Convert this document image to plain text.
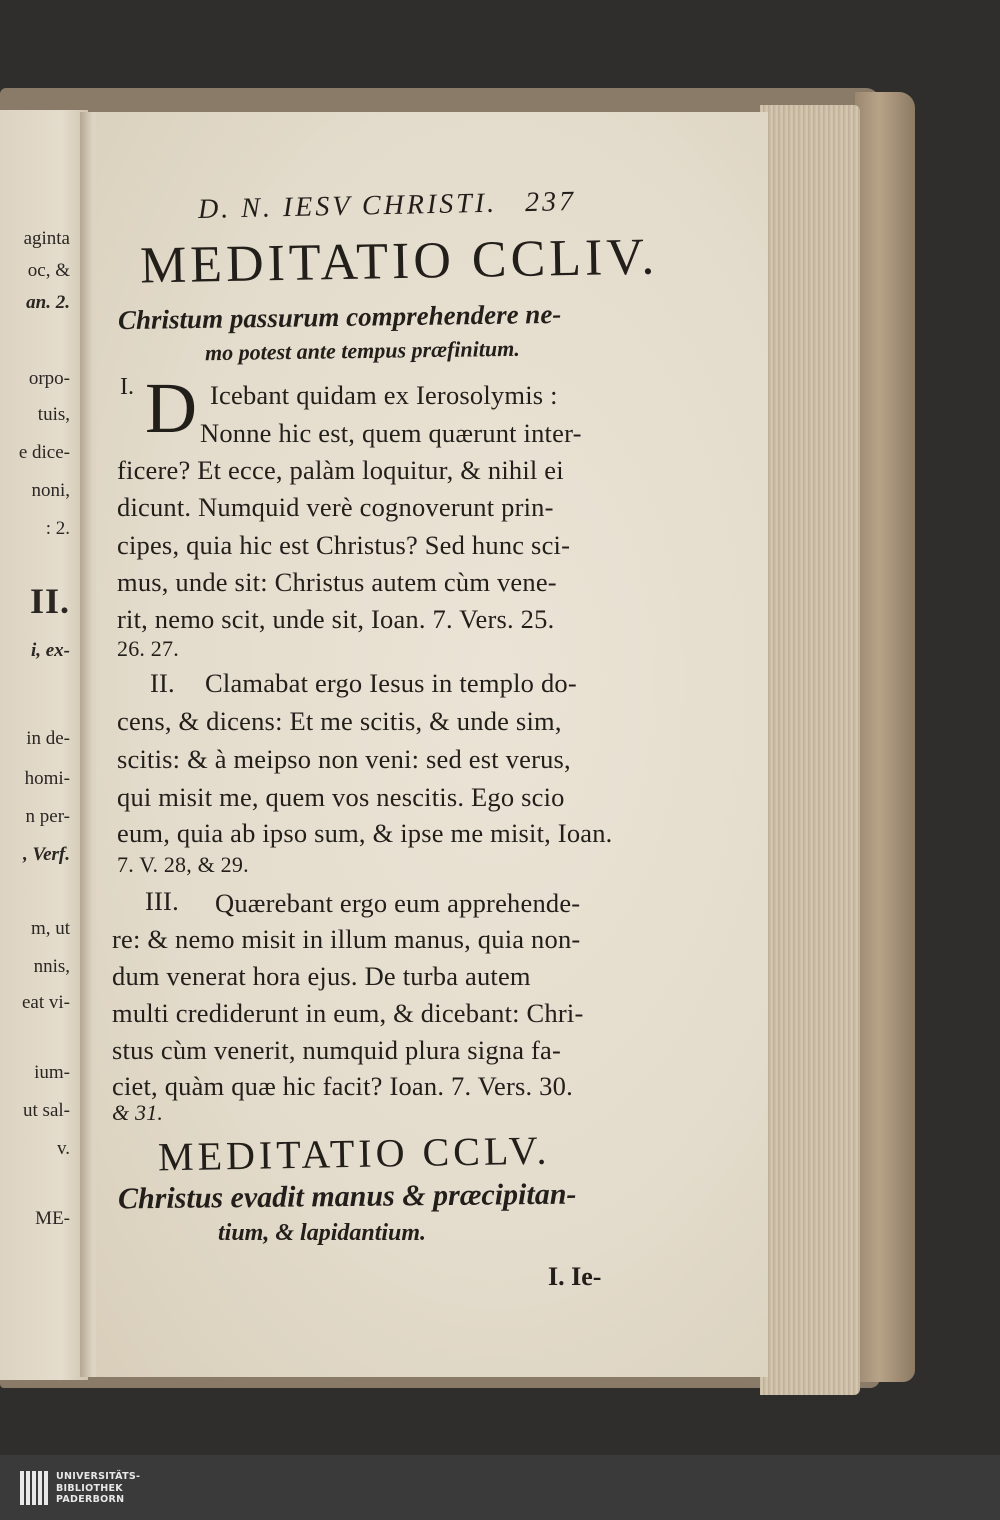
aginta
oc, &
an. 2.
orpo-
tuis,
e dice-
noni,
: 2.
II.
i, ex-
in de-
homi-
n per-
, Verf.
m, ut
nnis,
eat vi-
ium-
ut sal-
v.
ME-
D. N. IESV CHRISTI. 237
MEDITATIO CCLIV.
Christum passurum comprehendere ne-
mo potest ante tempus præfinitum.
I. D Icebant quidam ex Ierosolymis :
Nonne hic est, quem quærunt inter-
ficere? Et ecce, palàm loquitur, & nihil ei
dicunt. Numquid verè cognoverunt prin-
cipes, quia hic est Christus? Sed hunc sci-
mus, unde sit: Christus autem cùm vene-
rit, nemo scit, unde sit, Ioan. 7. Vers. 25.
26. 27.
II. Clamabat ergo Iesus in templo do-
cens, & dicens: Et me scitis, & unde sim,
scitis: & à meipso non veni: sed est verus,
qui misit me, quem vos nescitis. Ego scio
eum, quia ab ipso sum, & ipse me misit, Ioan.
7. V. 28, & 29.
III. Quærebant ergo eum apprehende-
re: & nemo misit in illum manus, quia non-
dum venerat hora ejus. De turba autem
multi crediderunt in eum, & dicebant: Chri-
stus cùm venerit, numquid plura signa fa-
ciet, quàm quæ hic facit? Ioan. 7. Vers. 30.
& 31.
MEDITATIO CCLV.
Christus evadit manus & præcipitan-
tium, & lapidantium.
I. Ie-
UNIVERSITÄTS-
BIBLIOTHEK
PADERBORN
